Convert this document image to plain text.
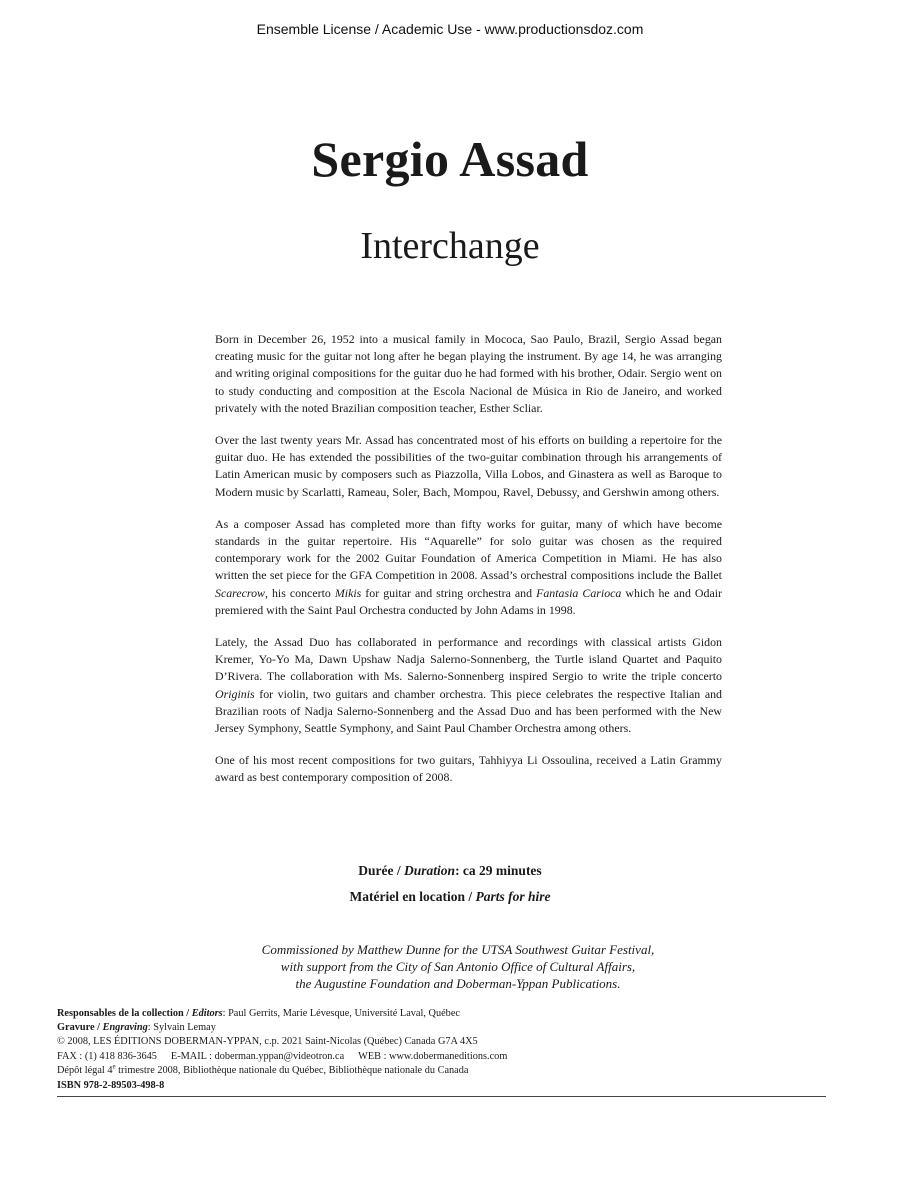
Ensemble License / Academic Use - www.productionsdoz.com
Sergio Assad
Interchange

Born in December 26, 1952 into a musical family in Mococa, Sao Paulo, Brazil, Sergio Assad began creating music for the guitar not long after he began playing the instrument. By age 14, he was arranging and writing original compositions for the guitar duo he had formed with his brother, Odair. Sergio went on to study conducting and composition at the Escola Nacional de Música in Rio de Janeiro, and worked privately with the noted Brazilian composition teacher, Esther Scliar.

Over the last twenty years Mr. Assad has concentrated most of his efforts on building a repertoire for the guitar duo. He has extended the possibilities of the two-guitar combination through his arrangements of Latin American music by composers such as Piazzolla, Villa Lobos, and Ginastera as well as Baroque to Modern music by Scarlatti, Rameau, Soler, Bach, Mompou, Ravel, Debussy, and Gershwin among others.

As a composer Assad has completed more than fifty works for guitar, many of which have become standards in the guitar repertoire. His “Aquarelle” for solo guitar was chosen as the required contemporary work for the 2002 Guitar Foundation of America Competition in Miami. He has also written the set piece for the GFA Competition in 2008. Assad’s orchestral compositions include the Ballet Scarecrow, his concerto Mikis for guitar and string orchestra and Fantasia Carioca which he and Odair premiered with the Saint Paul Orchestra conducted by John Adams in 1998.

Lately, the Assad Duo has collaborated in performance and recordings with classical artists Gidon Kremer, Yo-Yo Ma, Dawn Upshaw Nadja Salerno-Sonnenberg, the Turtle island Quartet and Paquito D’Rivera. The collaboration with Ms. Salerno-Sonnenberg inspired Sergio to write the triple concerto Originis for violin, two guitars and chamber orchestra. This piece celebrates the respective Italian and Brazilian roots of Nadja Salerno-Sonnenberg and the Assad Duo and has been performed with the New Jersey Symphony, Seattle Symphony, and Saint Paul Chamber Orchestra among others.

One of his most recent compositions for two guitars, Tahhiyya Li Ossoulina, received a Latin Grammy award as best contemporary composition of 2008.

Durée / Duration: ca 29 minutes
Matériel en location / Parts for hire
Commissioned by Matthew Dunne for the UTSA Southwest Guitar Festival,
with support from the City of San Antonio Office of Cultural Affairs,
the Augustine Foundation and Doberman-Yppan Publications.
Responsables de la collection / Editors: Paul Gerrits, Marie Lévesque, Université Laval, Québec
Gravure / Engraving: Sylvain Lemay
© 2008, LES ÉDITIONS DOBERMAN-YPPAN, c.p. 2021 Saint-Nicolas (Québec) Canada G7A 4X5
FAX : (1) 418 836-3645 E-MAIL : doberman.yppan@videotron.ca WEB : www.dobermaneditions.com
Dépôt légal 4e trimestre 2008, Bibliothèque nationale du Québec, Bibliothèque nationale du Canada
ISBN 978-2-89503-498-8
